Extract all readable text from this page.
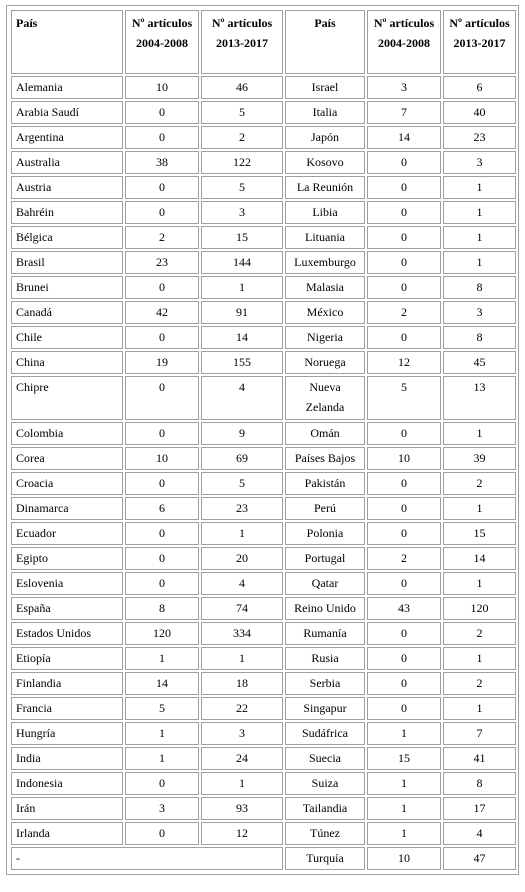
País	Nº artículos 2004-2008	Nº artículos 2013-2017	País	Nº artículos 2004-2008	Nº artículos 2013-2017
Alemania	10	46	Israel	3	6
Arabia Saudí	0	5	Italia	7	40
Argentina	0	2	Japón	14	23
Australia	38	122	Kosovo	0	3
Austria	0	5	La Reunión	0	1
Bahréin	0	3	Libia	0	1
Bélgica	2	15	Lituania	0	1
Brasil	23	144	Luxemburgo	0	1
Brunei	0	1	Malasia	0	8
Canadá	42	91	México	2	3
Chile	0	14	Nigeria	0	8
China	19	155	Noruega	12	45
Chipre	0	4	Nueva Zelanda	5	13
Colombia	0	9	Omán	0	1
Corea	10	69	Países Bajos	10	39
Croacia	0	5	Pakistán	0	2
Dinamarca	6	23	Perú	0	1
Ecuador	0	1	Polonia	0	15
Egipto	0	20	Portugal	2	14
Eslovenia	0	4	Qatar	0	1
España	8	74	Reino Unido	43	120
Estados Unidos	120	334	Rumanía	0	2
Etiopía	1	1	Rusia	0	1
Finlandia	14	18	Serbia	0	2
Francia	5	22	Singapur	0	1
Hungría	1	3	Sudáfrica	1	7
India	1	24	Suecia	15	41
Indonesia	0	1	Suiza	1	8
Irán	3	93	Tailandia	1	17
Irlanda	0	12	Túnez	1	4
-			Turquía	10	47
